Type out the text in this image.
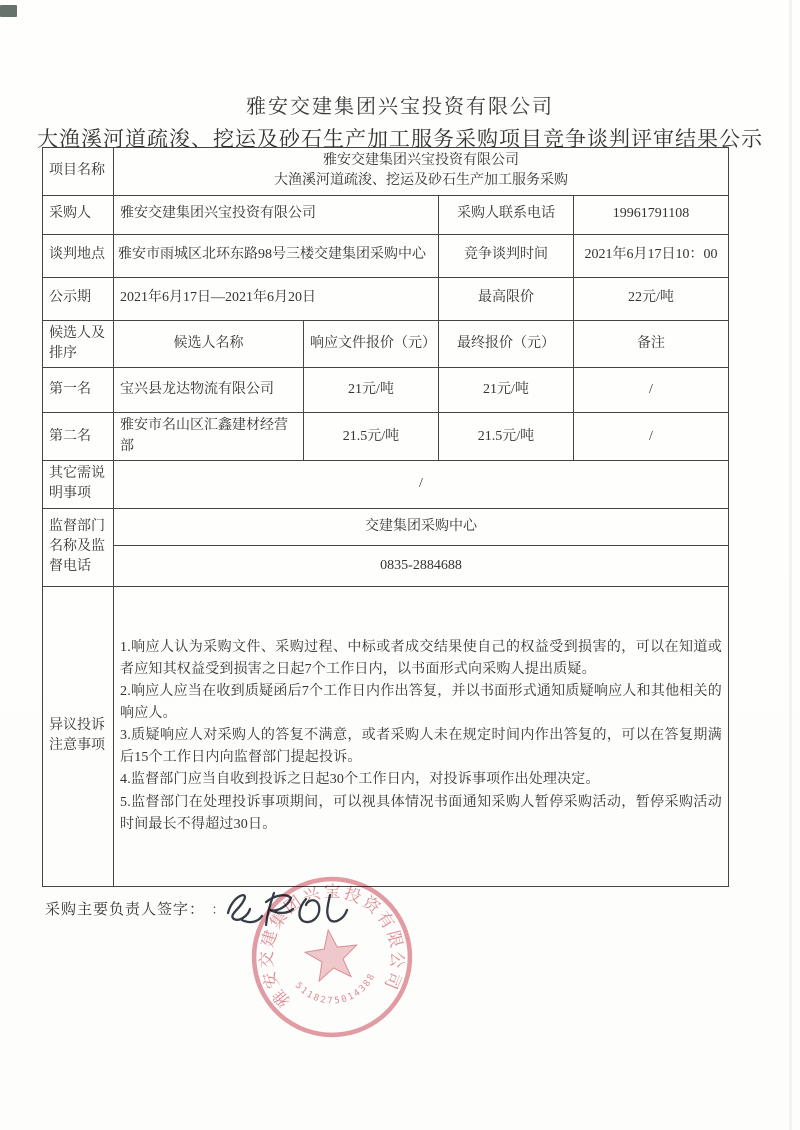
雅安交建集团兴宝投资有限公司
大渔溪河道疏浚、挖运及砂石生产加工服务采购项目竞争谈判评审结果公示
项目名称	雅安交建集团兴宝投资有限公司
大渔溪河道疏浚、挖运及砂石生产加工服务采购			

采购人	雅安交建集团兴宝投资有限公司		采购人联系电话	19961791108
谈判地点	雅安市雨城区北环东路98号三楼交建集团采购中心		竞争谈判时间	2021年6月17日10：00
公示期	2021年6月17日—2021年6月20日		最高限价	22元/吨
候选人及排序	候选人名称	响应文件报价（元）	最终报价（元）	备注
第一名	宝兴县龙达物流有限公司	21元/吨	21元/吨	/
第二名	雅安市名山区汇鑫建材经营部	21.5元/吨	21.5元/吨	/
其它需说明事项	/			
监督部门名称及监督电话	交建集团采购中心			
	0835-2884688			
异议投诉注意事项	1.响应人认为采购文件、采购过程、中标或者成交结果使自己的权益受到损害的，可以在知道或者应知其权益受到损害之日起7个工作日内，以书面形式向采购人提出质疑。
2.响应人应当在收到质疑函后7个工作日内作出答复，并以书面形式通知质疑响应人和其他相关的响应人。
3.质疑响应人对采购人的答复不满意，或者采购人未在规定时间内作出答复的，可以在答复期满后15个工作日内向监督部门提起投诉。
4.监督部门应当自收到投诉之日起30个工作日内，对投诉事项作出处理决定。
5.监督部门在处理投诉事项期间，可以视具体情况书面通知采购人暂停采购活动，暂停采购活动时间最长不得超过30日。			
采购主要负责人签字： ：
雅安交建集团兴宝投资有限公司
5118275014388
